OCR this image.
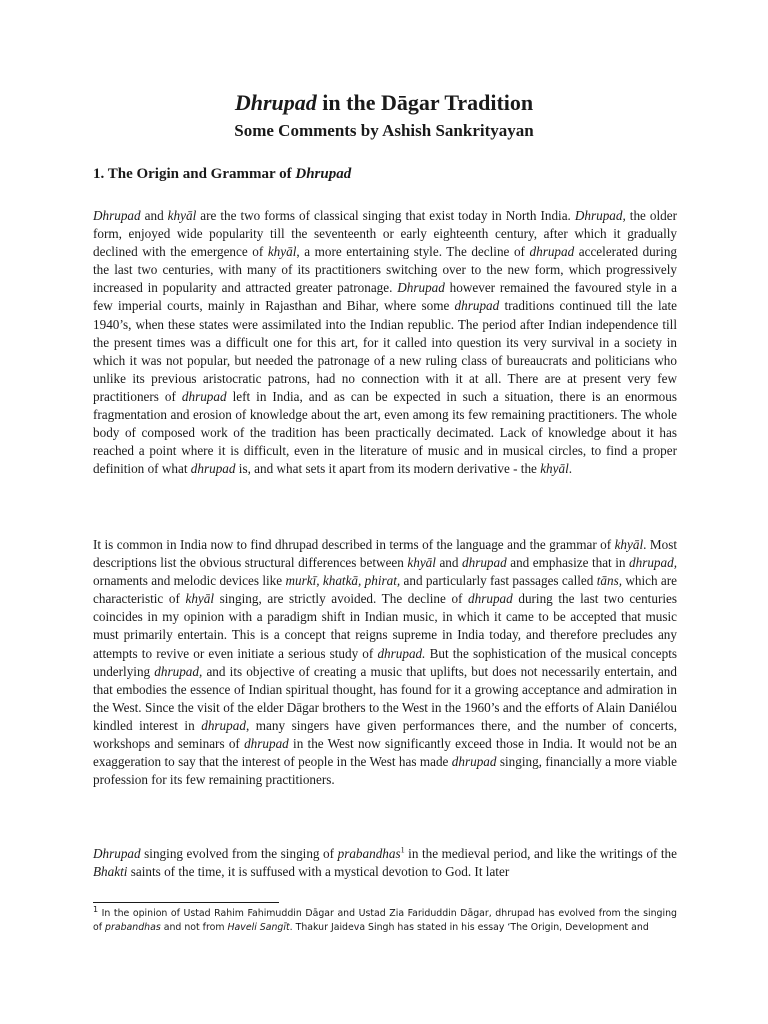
Dhrupad in the Dāgar Tradition
Some Comments by Ashish Sankrityayan
1. The Origin and Grammar of Dhrupad

Dhrupad and khyāl are the two forms of classical singing that exist today in North India. Dhrupad, the older form, enjoyed wide popularity till the seventeenth or early eighteenth century, after which it gradually declined with the emergence of khyāl, a more entertaining style. The decline of dhrupad accelerated during the last two centuries, with many of its practitioners switching over to the new form, which progressively increased in popularity and attracted greater patronage. Dhrupad however remained the favoured style in a few imperial courts, mainly in Rajasthan and Bihar, where some dhrupad traditions continued till the late 1940’s, when these states were assimilated into the Indian republic. The period after Indian independence till the present times was a difficult one for this art, for it called into question its very survival in a society in which it was not popular, but needed the patronage of a new ruling class of bureaucrats and politicians who unlike its previous aristocratic patrons, had no connection with it at all. There are at present very few practitioners of dhrupad left in India, and as can be expected in such a situation, there is an enormous fragmentation and erosion of knowledge about the art, even among its few remaining practitioners. The whole body of composed work of the tradition has been practically decimated. Lack of knowledge about it has reached a point where it is difficult, even in the literature of music and in musical circles, to find a proper definition of what dhrupad is, and what sets it apart from its modern derivative - the khyāl.

It is common in India now to find dhrupad described in terms of the language and the grammar of khyāl. Most descriptions list the obvious structural differences between khyāl and dhrupad and emphasize that in dhrupad, ornaments and melodic devices like murkī, khatkā, phirat, and particularly fast passages called tāns, which are characteristic of khyāl singing, are strictly avoided. The decline of dhrupad during the last two centuries coincides in my opinion with a paradigm shift in Indian music, in which it came to be accepted that music must primarily entertain. This is a concept that reigns supreme in India today, and therefore precludes any attempts to revive or even initiate a serious study of dhrupad. But the sophistication of the musical concepts underlying dhrupad, and its objective of creating a music that uplifts, but does not necessarily entertain, and that embodies the essence of Indian spiritual thought, has found for it a growing acceptance and admiration in the West. Since the visit of the elder Dāgar brothers to the West in the 1960’s and the efforts of Alain Daniélou kindled interest in dhrupad, many singers have given performances there, and the number of concerts, workshops and seminars of dhrupad in the West now significantly exceed those in India. It would not be an exaggeration to say that the interest of people in the West has made dhrupad singing, financially a more viable profession for its few remaining practitioners.

Dhrupad singing evolved from the singing of prabandhas$^1$ in the medieval period, and like the writings of the Bhakti saints of the time, it is suffused with a mystical devotion to God. It later

$^1$ In the opinion of Ustad Rahim Fahimuddin Dāgar and Ustad Zia Fariduddin Dāgar, dhrupad has evolved from the singing of prabandhas and not from Haveli Sangīt. Thakur Jaideva Singh has stated in his essay ‘The Origin, Development and
